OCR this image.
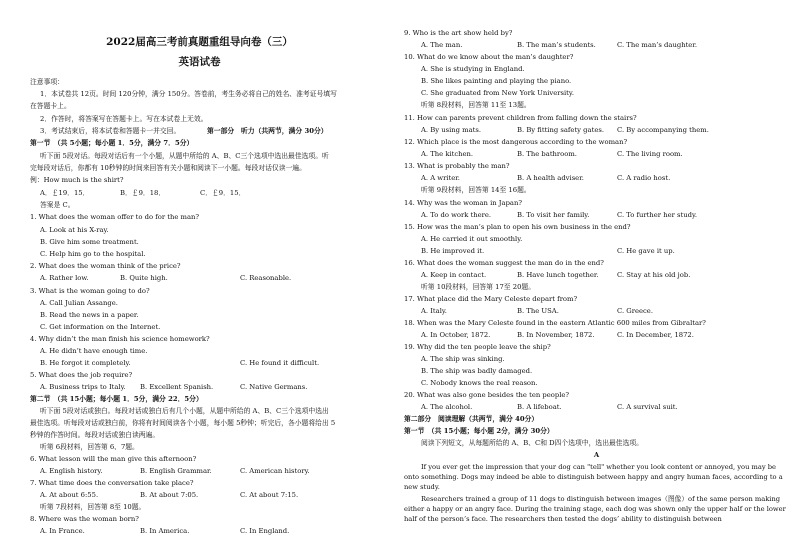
2022届高三考前真题重组导向卷（三）
英语试卷
注意事项：
1．本试卷共 12页。时间 120分钟，满分 150分。答卷前，考生务必将自己的姓名、准考证号填写
在答题卡上。
2．作答时，将答案写在答题卡上。写在本试卷上无效。
3．考试结束后，将本试卷和答题卡一并交回。	第一部分　听力（共两节，满分 30分）
第一节　（共 5小题；每小题 1．5分，满分 7．5分）
听下面 5段对话。每段对话后有一个小题，从题中所给的 A、B、C三个选项中选出最佳选项。听
完每段对话后，你都有 10秒钟的时间来回答有关小题和阅读下一小题。每段对话仅读一遍。
例：How much is the shirt?
A．￡19．15．	B．￡9．18．	C．￡9．15．
答案是 C。
1. What does the woman offer to do for the man?
A. Look at his X-ray.
B. Give him some treatment.
C. Help him go to the hospital.
2. What does the woman think of the price?
A. Rather low.	B. Quite high.	C. Reasonable.
3. What is the woman going to do?
A. Call Julian Assange.
B. Read the news in a paper.
C. Get information on the Internet.
4. Why didn’t the man finish his science homework?
A. He didn’t have enough time.
B. He forgot it completely.	C. He found it difficult.
5. What does the job require?
A. Business trips to Italy. B. Excellent Spanish.	C. Native Germans.
第二节　（共 15小题；每小题 1．5分，满分 22．5分）
听下面 5段对话或独白。每段对话或独白后有几个小题，从题中所给的 A、B、C三个选项中选出
最佳选项。听每段对话或独白前，你将有时间阅读各个小题，每小题 5秒钟；听完后，各小题将给出 5
秒钟的作答时间。每段对话或独白读两遍。
听第 6段材料，回答第 6、7题。
6. What lesson will the man give this afternoon?
A. English history.	B. English Grammar.	C. American history.
7. What time does the conversation take place?
A. At about 6:55.	B. At about 7:05.	C. At about 7:15.
听第 7段材料，回答第 8至 10题。
8. Where was the woman born?
A. In France.	B. In America.	C. In England.
9. Who is the art show held by?
A. The man.	B. The man’s students.	C. The man’s daughter.
10. What do we know about the man’s daughter?
A. She is studying in England.
B. She likes painting and playing the piano.
C. She graduated from New York University.
听第 8段材料，回答第 11至 13题。
11. How can parents prevent children from falling down the stairs?
A. By using mats.	B. By fitting safety gates. C. By accompanying them.
12. Which place is the most dangerous according to the woman?
A. The kitchen.	B. The bathroom.	C. The living room.
13. What is probably the man?
A. A writer.	B. A health adviser.	C. A radio host.
听第 9段材料，回答第 14至 16题。
14. Why was the woman in Japan?
A. To do work there.	B. To visit her family.	C. To further her study.
15. How was the man’s plan to open his own business in the end?
A. He carried it out smoothly.
B. He improved it.	C. He gave it up.
16. What does the woman suggest the man do in the end?
A. Keep in contact.	B. Have lunch together.	C. Stay at his old job.
听第 10段材料，回答第 17至 20题。
17. What place did the Mary Celeste depart from?
A. Italy.	B. The USA.	C. Greece.
18. When was the Mary Celeste found in the eastern Atlantic 600 miles from Gibraltar?
A. In October, 1872.	B. In November, 1872.	C. In December, 1872.
19. Why did the ten people leave the ship?
A. The ship was sinking.
B. The ship was badly damaged.
C. Nobody knows the real reason.
20. What was also gone besides the ten people?
A. The alcohol.	B. A lifeboat.	C. A survival suit.
第二部分　阅读理解（共两节，满分 40分）
第一节　（共 15小题；每小题 2分，满分 30分）
阅读下列短文，从每题所给的 A、B、C和 D四个选项中，选出最佳选项。
A
If you ever get the impression that your dog can "tell" whether you look content or annoyed, you may be onto something. Dogs may indeed be able to distinguish between happy and angry human faces, according to a new study.
Researchers trained a group of 11 dogs to distinguish between images（图像）of the same person making either a happy or an angry face. During the training stage, each dog was shown only the upper half or the lower half of the person’s face. The researchers then tested the dogs’ ability to distinguish between
